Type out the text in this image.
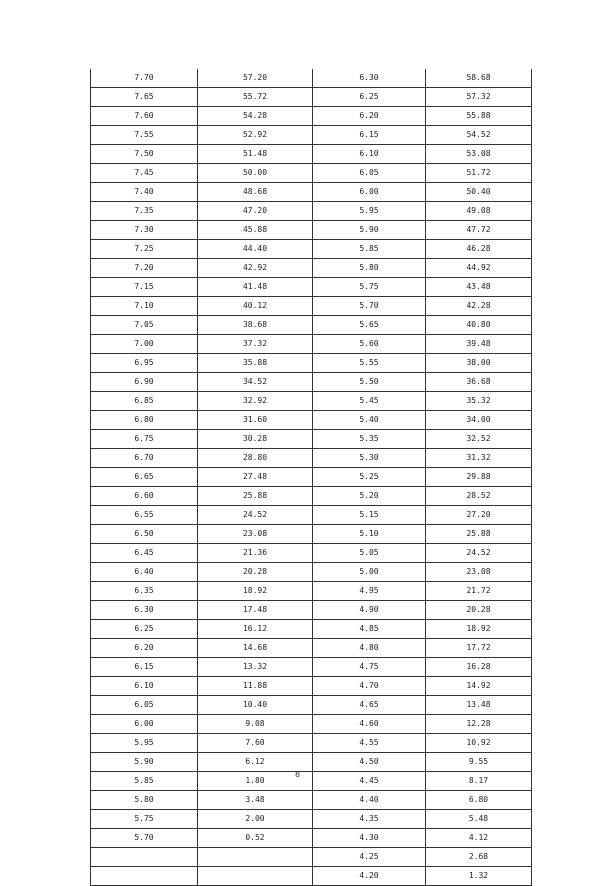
7.70	57.20	6.30	58.68
7.65	55.72	6.25	57.32
7.60	54.28	6.20	55.88
7.55	52.92	6.15	54.52
7.50	51.48	6.10	53.08
7.45	50.00	6.05	51.72
7.40	48.68	6.00	50.40
7.35	47.20	5.95	49.08
7.30	45.88	5.90	47.72
7.25	44.40	5.85	46.28
7.20	42.92	5.80	44.92
7.15	41.48	5.75	43.48
7.10	40.12	5.70	42.28
7.05	38.68	5.65	40.80
7.00	37.32	5.60	39.48
6.95	35.88	5.55	38.00
6.90	34.52	5.50	36.68
6.85	32.92	5.45	35.32
6.80	31.60	5.40	34.00
6.75	30.28	5.35	32.52
6.70	28.80	5.30	31.32
6.65	27.48	5.25	29.88
6.60	25.88	5.20	28.52
6.55	24.52	5.15	27.20
6.50	23.08	5.10	25.88
6.45	21.36	5.05	24.52
6.40	20.28	5.00	23.08
6.35	18.92	4.95	21.72
6.30	17.48	4.90	20.28
6.25	16.12	4.85	18.92
6.20	14.68	4.80	17.72
6.15	13.32	4.75	16.28
6.10	11.88	4.70	14.92
6.05	10.40	4.65	13.48
6.00	9.08	4.60	12.28
5.95	7.60	4.55	10.92
5.90	6.12	4.50	9.55
5.85	1.80	4.45	8.17
5.80	3.48	4.40	6.80
5.75	2.00	4.35	5.48
5.70	0.52	4.30	4.12
		4.25	2.68
		4.20	1.32
8
